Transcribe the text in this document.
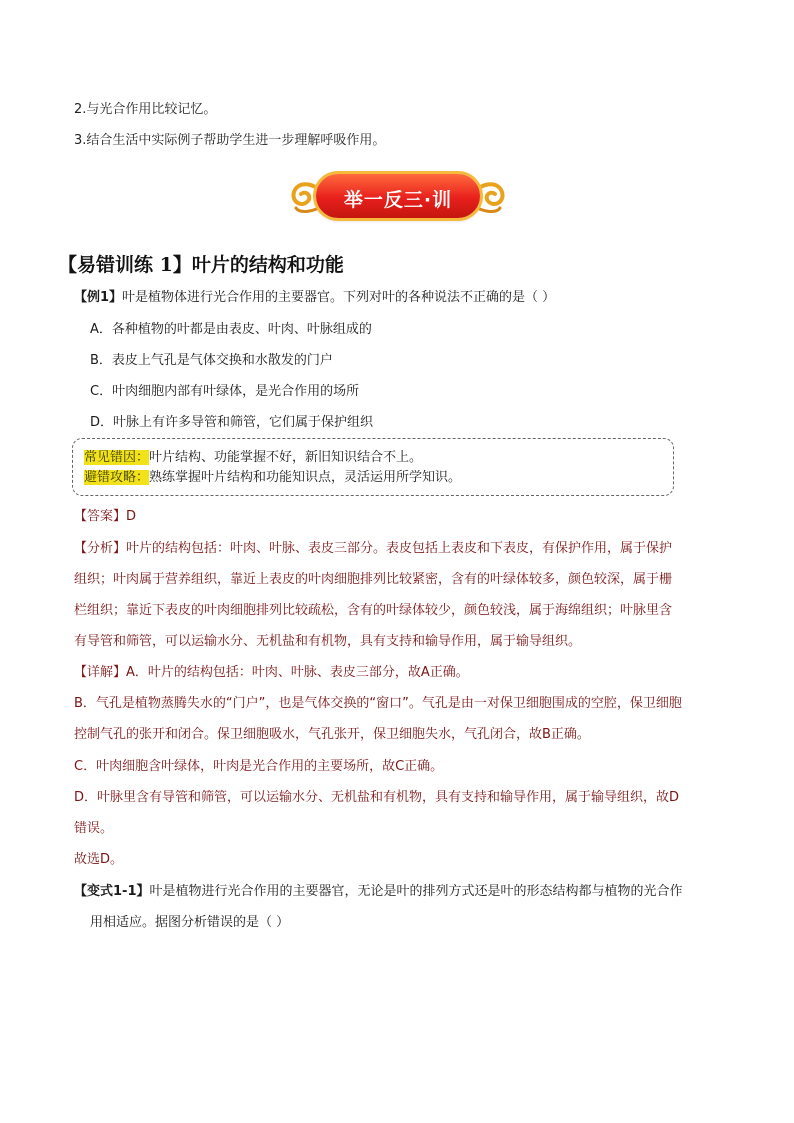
2.与光合作用比较记忆。
3.结合生活中实际例子帮助学生进一步理解呼吸作用。
举一反三·训
【易错训练 1】叶片的结构和功能
【例1】叶是植物体进行光合作用的主要器官。下列对叶的各种说法不正确的是（ ）
A．各种植物的叶都是由表皮、叶肉、叶脉组成的
B．表皮上气孔是气体交换和水散发的门户
C．叶肉细胞内部有叶绿体，是光合作用的场所
D．叶脉上有许多导管和筛管，它们属于保护组织
常见错因：叶片结构、功能掌握不好，新旧知识结合不上。
避错攻略：熟练掌握叶片结构和功能知识点，灵活运用所学知识。
【答案】D
【分析】叶片的结构包括：叶肉、叶脉、表皮三部分。表皮包括上表皮和下表皮，有保护作用，属于保护
组织；叶肉属于营养组织，靠近上表皮的叶肉细胞排列比较紧密，含有的叶绿体较多，颜色较深，属于栅
栏组织；靠近下表皮的叶肉细胞排列比较疏松，含有的叶绿体较少，颜色较浅，属于海绵组织；叶脉里含
有导管和筛管，可以运输水分、无机盐和有机物，具有支持和输导作用，属于输导组织。
【详解】A．叶片的结构包括：叶肉、叶脉、表皮三部分，故A正确。
B．气孔是植物蒸腾失水的“门户”，也是气体交换的“窗口”。气孔是由一对保卫细胞围成的空腔，保卫细胞
控制气孔的张开和闭合。保卫细胞吸水，气孔张开，保卫细胞失水，气孔闭合，故B正确。
C．叶肉细胞含叶绿体，叶肉是光合作用的主要场所，故C正确。
D．叶脉里含有导管和筛管，可以运输水分、无机盐和有机物，具有支持和输导作用，属于输导组织，故D
错误。
故选D。
【变式1-1】叶是植物进行光合作用的主要器官，无论是叶的排列方式还是叶的形态结构都与植物的光合作
用相适应。据图分析错误的是（ ）
